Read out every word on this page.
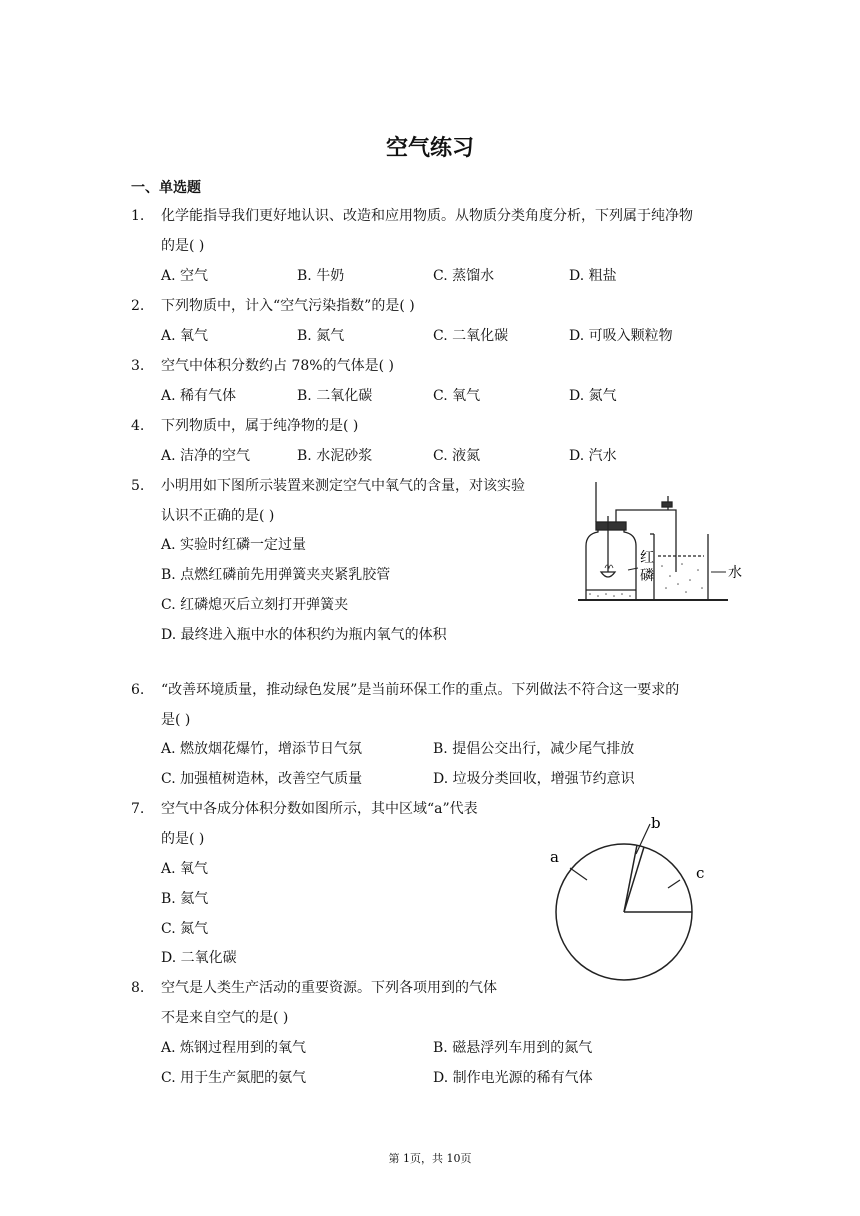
空气练习
一、单选题
1. 化学能指导我们更好地认识、改造和应用物质。从物质分类角度分析，下列属于纯净物
的是( )
A. 空气	B. 牛奶	C. 蒸馏水	D. 粗盐
2. 下列物质中，计入“空气污染指数”的是( )
A. 氧气	B. 氮气	C. 二氧化碳	D. 可吸入颗粒物
3. 空气中体积分数约占 78%的气体是( )
A. 稀有气体	B. 二氧化碳	C. 氧气	D. 氮气
4. 下列物质中，属于纯净物的是( )
A. 洁净的空气	B. 水泥砂浆	C. 液氮	D. 汽水
5. 小明用如下图所示装置来测定空气中氧气的含量，对该实验
认识不正确的是( )
A. 实验时红磷一定过量
B. 点燃红磷前先用弹簧夹夹紧乳胶管
C. 红磷熄灭后立刻打开弹簧夹
D. 最终进入瓶中水的体积约为瓶内氧气的体积
红
磷	水
6. “改善环境质量，推动绿色发展”是当前环保工作的重点。下列做法不符合这一要求的
是( )
A. 燃放烟花爆竹，增添节日气氛	B. 提倡公交出行，减少尾气排放
C. 加强植树造林，改善空气质量	D. 垃圾分类回收，增强节约意识
7. 空气中各成分体积分数如图所示，其中区域“a”代表
的是( )
A. 氧气
B. 氦气
C. 氮气
D. 二氧化碳
a
b
c
8. 空气是人类生产活动的重要资源。下列各项用到的气体
不是来自空气的是( )
A. 炼钢过程用到的氧气	B. 磁悬浮列车用到的氮气
C. 用于生产氮肥的氨气	D. 制作电光源的稀有气体
第 1页，共 10页
